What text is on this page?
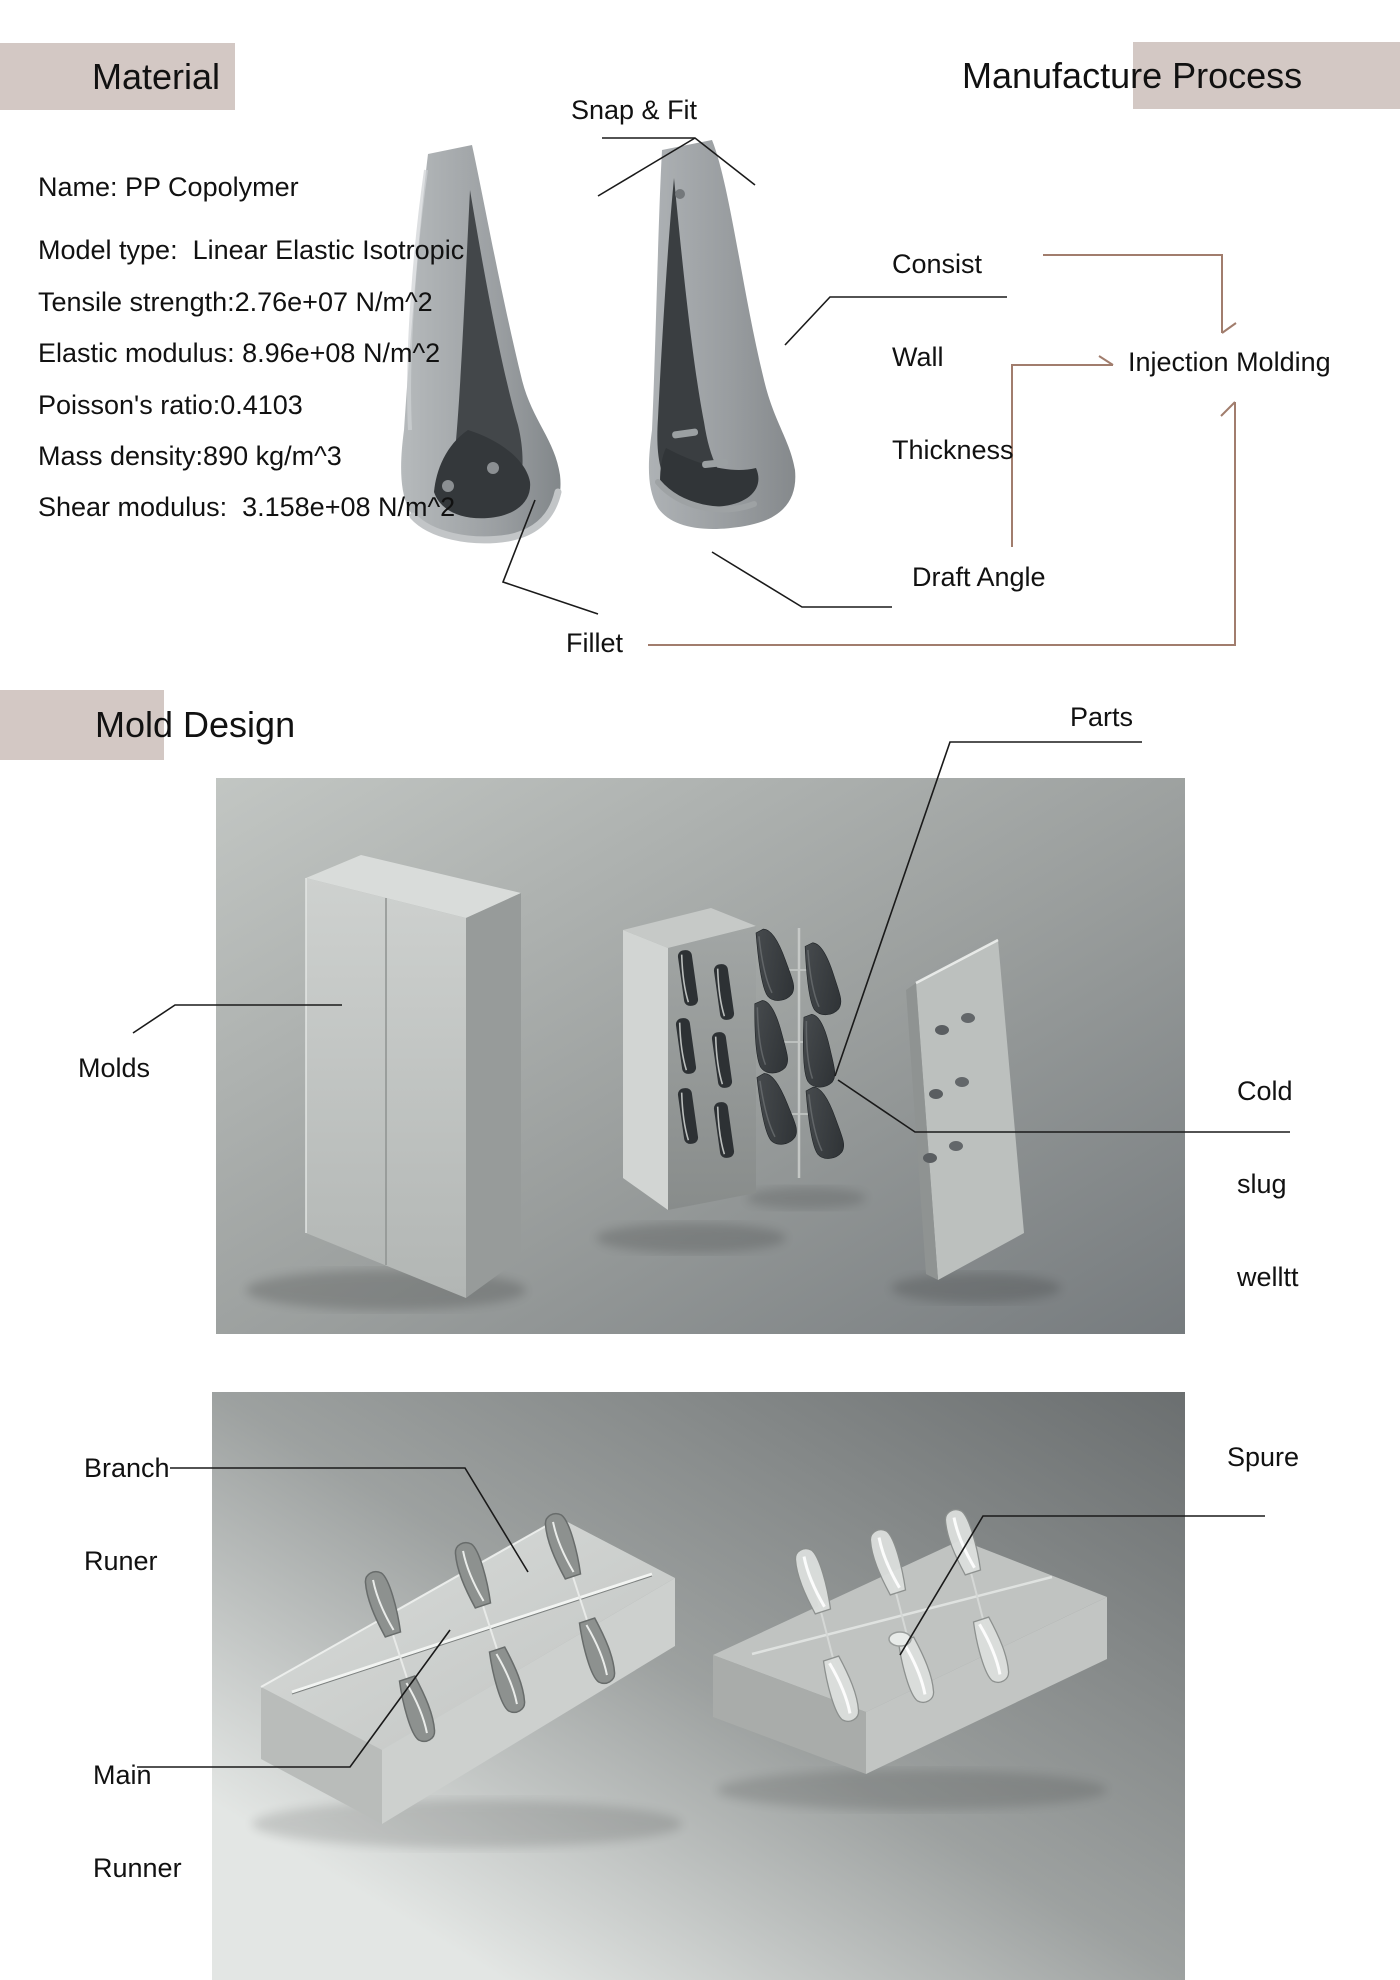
Material	Manufacture Process
Mold Design
Name: PP Copolymer
Model type:  Linear Elastic Isotropic
Tensile strength:2.76e+07 N/m^2
Elastic modulus: 8.96e+08 N/m^2
Poisson's ratio:0.4103
Mass density:890 kg/m^3
Shear modulus:  3.158e+08 N/m^2
Snap & Fit

Consist

Wall

Thickness

Injection Molding
Draft Angle
Fillet
Parts
Molds

Cold

slug

welltt

Branch

Runer

Spure

Main

Runner
